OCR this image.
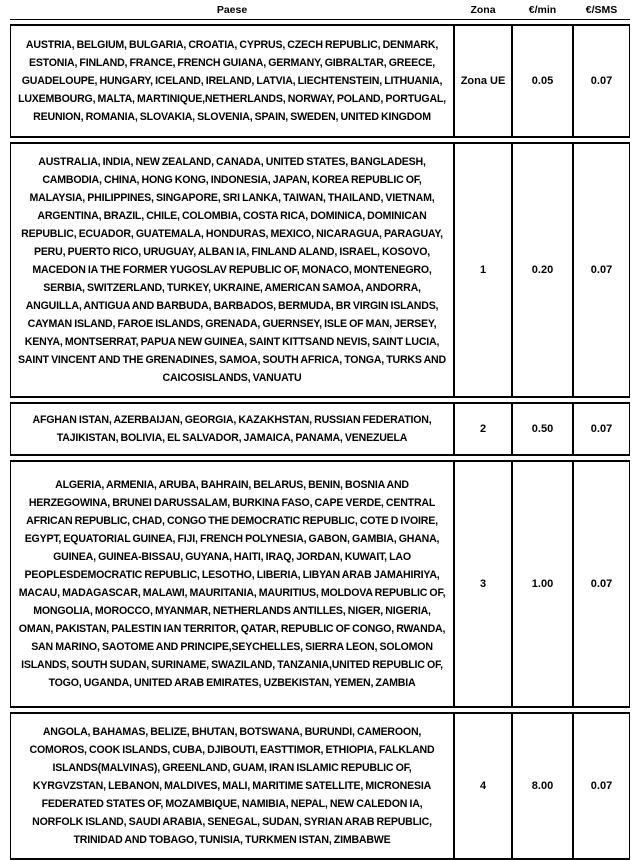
Paese	Zona	€/min	€/SMS

AUSTRIA, BELGIUM, BULGARIA, CROATIA, CYPRUS, CZECH REPUBLIC, DENMARK, ESTONIA, FINLAND, FRANCE, FRENCH GUIANA, GERMANY, GIBRALTAR, GREECE, GUADELOUPE, HUNGARY, ICELAND, IRELAND, LATVIA, LIECHTENSTEIN, LITHUANIA, LUXEMBOURG, MALTA, MARTINIQUE,NETHERLANDS, NORWAY, POLAND, PORTUGAL, REUNION, ROMANIA, SLOVAKIA, SLOVENIA, SPAIN, SWEDEN, UNITED KINGDOM	Zona UE	0.05	0.07

AUSTRALIA, INDIA, NEW ZEALAND, CANADA, UNITED STATES, BANGLADESH, CAMBODIA, CHINA, HONG KONG, INDONESIA, JAPAN, KOREA REPUBLIC OF, MALAYSIA, PHILIPPINES, SINGAPORE, SRI LANKA, TAIWAN, THAILAND, VIETNAM, ARGENTINA, BRAZIL, CHILE, COLOMBIA, COSTA RICA, DOMINICA, DOMINICAN REPUBLIC, ECUADOR, GUATEMALA, HONDURAS, MEXICO, NICARAGUA, PARAGUAY, PERU, PUERTO RICO, URUGUAY, ALBAN IA, FINLAND ALAND, ISRAEL, KOSOVO, MACEDON IA THE FORMER YUGOSLAV REPUBLIC OF, MONACO, MONTENEGRO, SERBIA, SWITZERLAND, TURKEY, UKRAINE, AMERICAN SAMOA, ANDORRA, ANGUILLA, ANTIGUA AND BARBUDA, BARBADOS, BERMUDA, BR VIRGIN ISLANDS, CAYMAN ISLAND, FAROE ISLANDS, GRENADA, GUERNSEY, ISLE OF MAN, JERSEY, KENYA, MONTSERRAT, PAPUA NEW GUINEA, SAINT KITTSAND NEVIS, SAINT LUCIA, SAINT VINCENT AND THE GRENADINES, SAMOA, SOUTH AFRICA, TONGA, TURKS AND CAICOSISLANDS, VANUATU	1	0.20	0.07

AFGHAN ISTAN, AZERBAIJAN, GEORGIA, KAZAKHSTAN, RUSSIAN FEDERATION, TAJIKISTAN, BOLIVIA, EL SALVADOR, JAMAICA, PANAMA, VENEZUELA	2	0.50	0.07

ALGERIA, ARMENIA, ARUBA, BAHRAIN, BELARUS, BENIN, BOSNIA AND HERZEGOWINA, BRUNEI DARUSSALAM, BURKINA FASO, CAPE VERDE, CENTRAL AFRICAN REPUBLIC, CHAD, CONGO THE DEMOCRATIC REPUBLIC, COTE D IVOIRE, EGYPT, EQUATORIAL GUINEA, FIJI, FRENCH POLYNESIA, GABON, GAMBIA, GHANA, GUINEA, GUINEA-BISSAU, GUYANA, HAITI, IRAQ, JORDAN, KUWAIT, LAO PEOPLESDEMOCRATIC REPUBLIC, LESOTHO, LIBERIA, LIBYAN ARAB JAMAHIRIYA, MACAU, MADAGASCAR, MALAWI, MAURITANIA, MAURITIUS, MOLDOVA REPUBLIC OF, MONGOLIA, MOROCCO, MYANMAR, NETHERLANDS ANTILLES, NIGER, NIGERIA, OMAN, PAKISTAN, PALESTIN IAN TERRITOR, QATAR, REPUBLIC OF CONGO, RWANDA, SAN MARINO, SAOTOME AND PRINCIPE,SEYCHELLES, SIERRA LEON, SOLOMON ISLANDS, SOUTH SUDAN, SURINAME, SWAZILAND, TANZANIA,UNITED REPUBLIC OF, TOGO, UGANDA, UNITED ARAB EMIRATES, UZBEKISTAN, YEMEN, ZAMBIA	3	1.00	0.07

ANGOLA, BAHAMAS, BELIZE, BHUTAN, BOTSWANA, BURUNDI, CAMEROON, COMOROS, COOK ISLANDS, CUBA, DJIBOUTI, EASTTIMOR, ETHIOPIA, FALKLAND ISLANDS(MALVINAS), GREENLAND, GUAM, IRAN ISLAMIC REPUBLIC OF, KYRGVZSTAN, LEBANON, MALDIVES, MALI, MARITIME SATELLITE, MICRONESIA FEDERATED STATES OF, MOZAMBIQUE, NAMIBIA, NEPAL, NEW CALEDON IA, NORFOLK ISLAND, SAUDI ARABIA, SENEGAL, SUDAN, SYRIAN ARAB REPUBLIC, TRINIDAD AND TOBAGO, TUNISIA, TURKMEN ISTAN, ZIMBABWE	4	8.00	0.07
